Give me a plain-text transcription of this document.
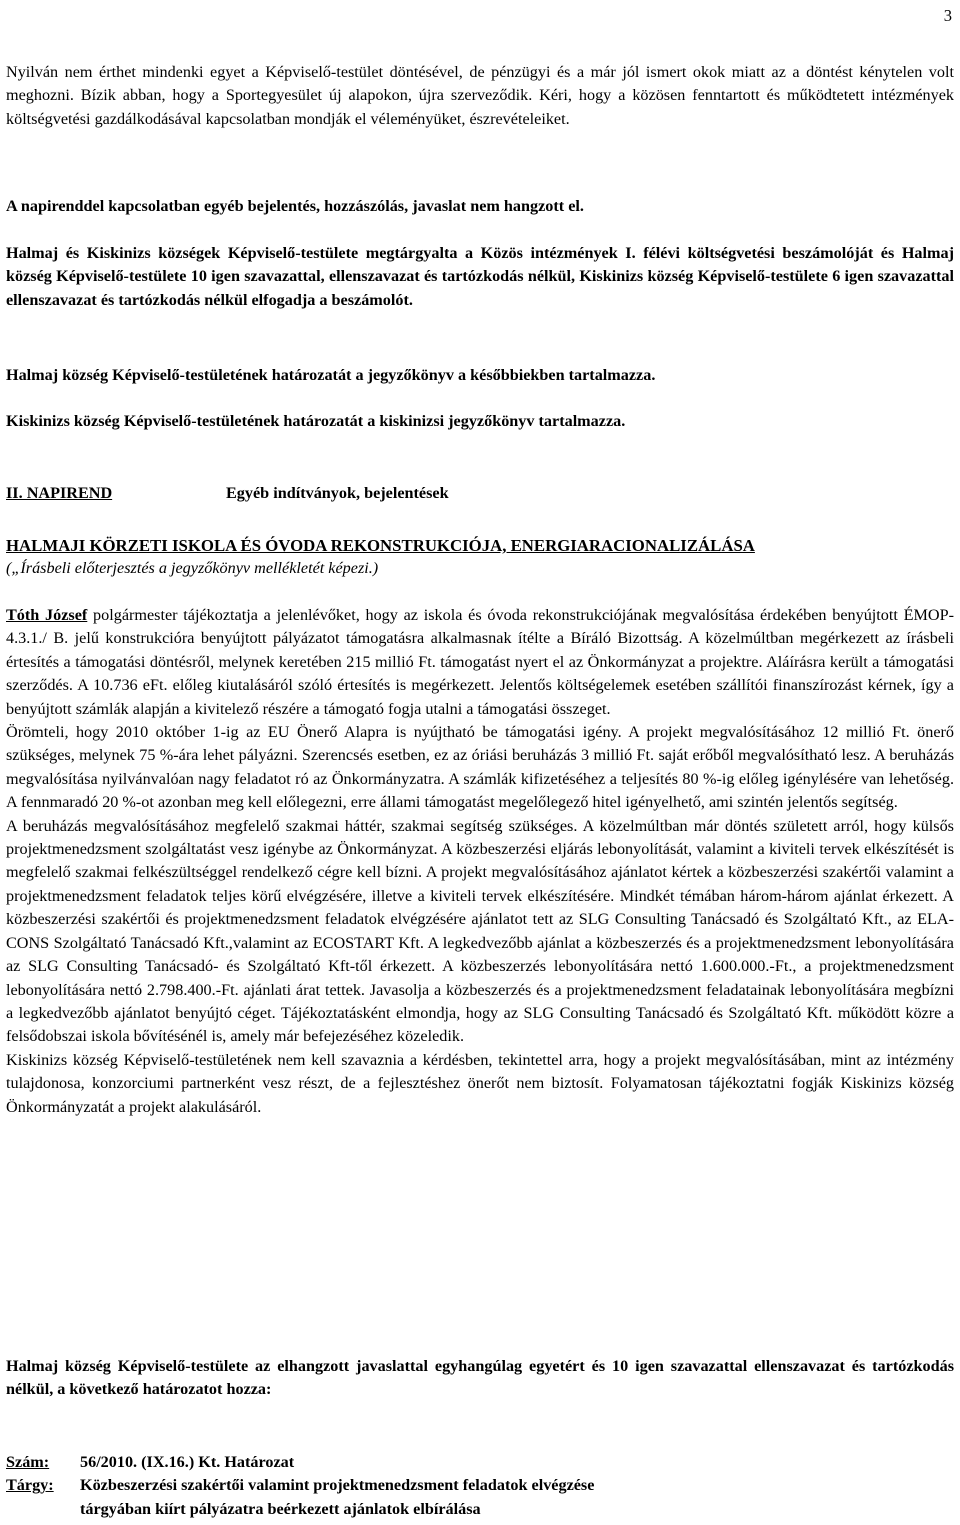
3

Nyilván nem érthet mindenki egyet a Képviselő-testület döntésével, de pénzügyi és a már jól ismert okok miatt az a döntést kénytelen volt meghozni. Bízik abban, hogy a Sportegyesület új alapokon, újra szerveződik. Kéri, hogy a közösen fenntartott és működtetett intézmények költségvetési gazdálkodásával kapcsolatban mondják el véleményüket, észrevételeiket.

A napirenddel kapcsolatban egyéb bejelentés, hozzászólás, javaslat nem hangzott el.

Halmaj és Kiskinizs községek Képviselő-testülete megtárgyalta a Közös intézmények I. félévi költségvetési beszámolóját és Halmaj község Képviselő-testülete 10 igen szavazattal, ellenszavazat és tartózkodás nélkül, Kiskinizs község Képviselő-testülete 6 igen szavazattal ellenszavazat és tartózkodás nélkül elfogadja a beszámolót.

Halmaj község Képviselő-testületének határozatát a jegyzőkönyv a későbbiekben tartalmazza.

Kiskinizs község Képviselő-testületének határozatát a kiskinizsi jegyzőkönyv tartalmazza.

II. NAPIREND	Egyéb indítványok, bejelentések
HALMAJI KÖRZETI ISKOLA ÉS ÓVODA REKONSTRUKCIÓJA, ENERGIARACIONALIZÁLÁSA
(„Írásbeli előterjesztés a jegyzőkönyv mellékletét képezi.)

Tóth József polgármester tájékoztatja a jelenlévőket, hogy az iskola és óvoda rekonstrukciójának megvalósítása érdekében benyújtott ÉMOP-4.3.1./ B. jelű konstrukcióra benyújtott pályázatot támogatásra alkalmasnak ítélte a Bíráló Bizottság. A közelmúltban megérkezett az írásbeli értesítés a támogatási döntésről, melynek keretében 215 millió Ft. támogatást nyert el az Önkormányzat a projektre. Aláírásra került a támogatási szerződés. A 10.736 eFt. előleg kiutalásáról szóló értesítés is megérkezett. Jelentős költségelemek esetében szállítói finanszírozást kérnek, így a benyújtott számlák alapján a kivitelező részére a támogató fogja utalni a támogatási összeget.

Örömteli, hogy 2010 október 1-ig az EU Önerő Alapra is nyújtható be támogatási igény. A projekt megvalósításához 12 millió Ft. önerő szükséges, melynek 75 %-ára lehet pályázni. Szerencsés esetben, ez az óriási beruházás 3 millió Ft. saját erőből megvalósítható lesz. A beruházás megvalósítása nyilvánvalóan nagy feladatot ró az Önkormányzatra. A számlák kifizetéséhez a teljesítés 80 %-ig előleg igénylésére van lehetőség. A fennmaradó 20 %-ot azonban meg kell előlegezni, erre állami támogatást megelőlegező hitel igényelhető, ami szintén jelentős segítség.

A beruházás megvalósításához megfelelő szakmai háttér, szakmai segítség szükséges. A közelmúltban már döntés született arról, hogy külsős projektmenedzsment szolgáltatást vesz igénybe az Önkormányzat. A közbeszerzési eljárás lebonyolítását, valamint a kiviteli tervek elkészítését is megfelelő szakmai felkészültséggel rendelkező cégre kell bízni. A projekt megvalósításához ajánlatot kértek a közbeszerzési szakértői valamint a projektmenedzsment feladatok teljes körű elvégzésére, illetve a kiviteli tervek elkészítésére. Mindkét témában három-három ajánlat érkezett. A közbeszerzési szakértői és projektmenedzsment feladatok elvégzésére ajánlatot tett az SLG Consulting Tanácsadó és Szolgáltató Kft., az ELA-CONS Szolgáltató Tanácsadó Kft.,valamint az ECOSTART Kft. A legkedvezőbb ajánlat a közbeszerzés és a projektmenedzsment lebonyolítására az SLG Consulting Tanácsadó- és Szolgáltató Kft-től érkezett. A közbeszerzés lebonyolítására nettó 1.600.000.-Ft., a projektmenedzsment lebonyolítására nettó 2.798.400.-Ft. ajánlati árat tettek. Javasolja a közbeszerzés és a projektmenedzsment feladatainak lebonyolítására megbízni a legkedvezőbb ajánlatot benyújtó céget. Tájékoztatásként elmondja, hogy az SLG Consulting Tanácsadó és Szolgáltató Kft. működött közre a felsődobszai iskola bővítésénél is, amely már befejezéséhez közeledik.

Kiskinizs község Képviselő-testületének nem kell szavaznia a kérdésben, tekintettel arra, hogy a projekt megvalósításában, mint az intézmény tulajdonosa, konzorciumi partnerként vesz részt, de a fejlesztéshez önerőt nem biztosít. Folyamatosan tájékoztatni fogják Kiskinizs község Önkormányzatát a projekt alakulásáról.

Halmaj község Képviselő-testülete az elhangzott javaslattal egyhangúlag egyetért és 10 igen szavazattal ellenszavazat és tartózkodás nélkül, a következő határozatot hozza:

Szám:	56/2010. (IX.16.) Kt. Határozat
Tárgy:	Közbeszerzési szakértői valamint projektmenedzsment feladatok elvégzése tárgyában kiírt pályázatra beérkezett ajánlatok elbírálása
